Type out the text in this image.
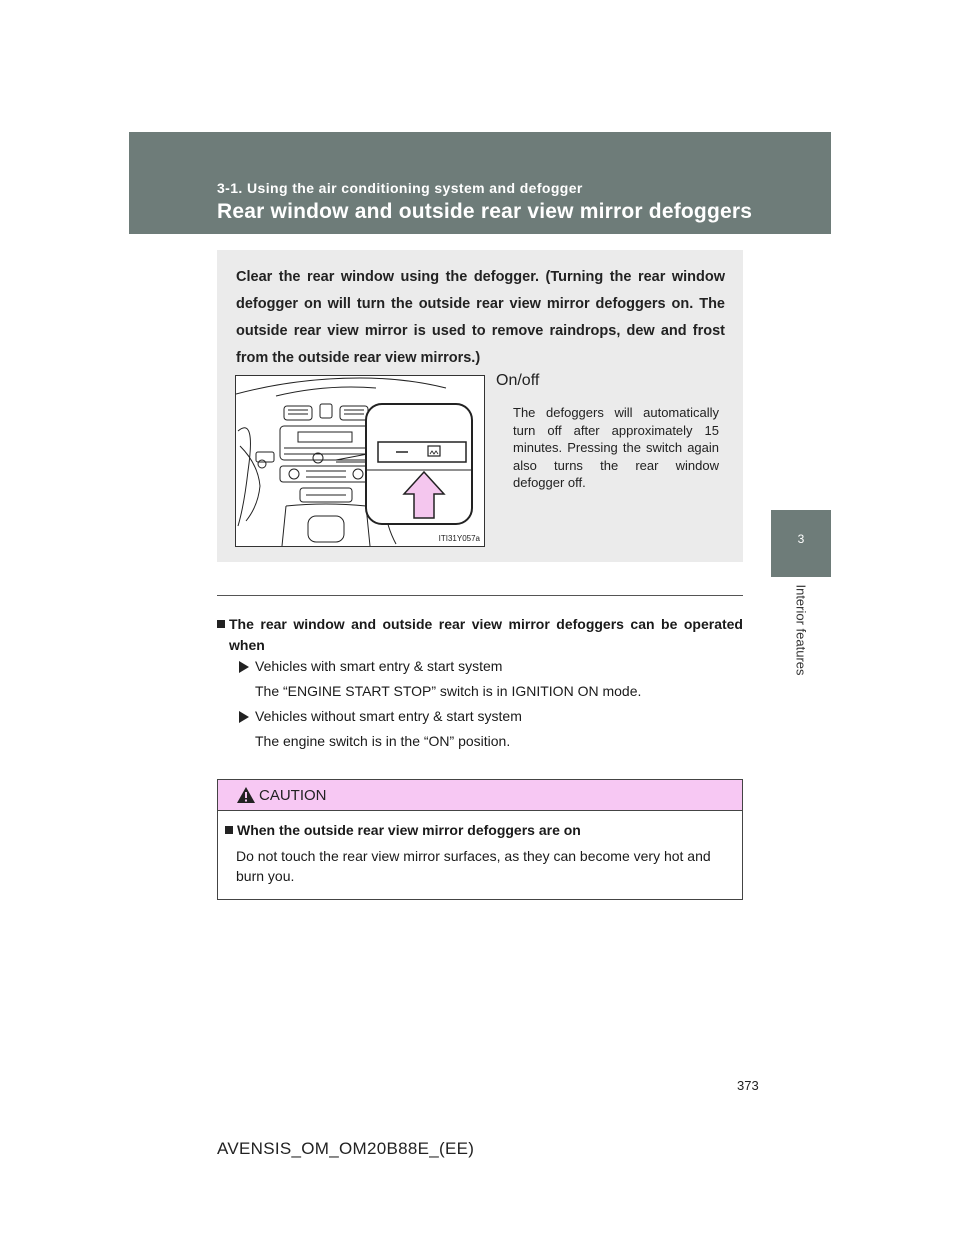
3-1. Using the air conditioning system and defogger
Rear window and outside rear view mirror defoggers
3
Interior features
Clear the rear window using the defogger. (Turning the rear window defogger on will turn the outside rear view mirror defoggers on. The outside rear view mirror is used to remove raindrops, dew and frost from the outside rear view mirrors.)
ITI31Y057a
On/off
The defoggers will automatically turn off after approximately 15 minutes. Pressing the switch again also turns the rear window defogger off.
The rear window and outside rear view mirror defoggers can be operated when
Vehicles with smart entry & start system
The “ENGINE START STOP” switch is in IGNITION ON mode.
Vehicles without smart entry & start system
The engine switch is in the “ON” position.
CAUTION
When the outside rear view mirror defoggers are on
Do not touch the rear view mirror surfaces, as they can become very hot and burn you.
373
AVENSIS_OM_OM20B88E_(EE)
